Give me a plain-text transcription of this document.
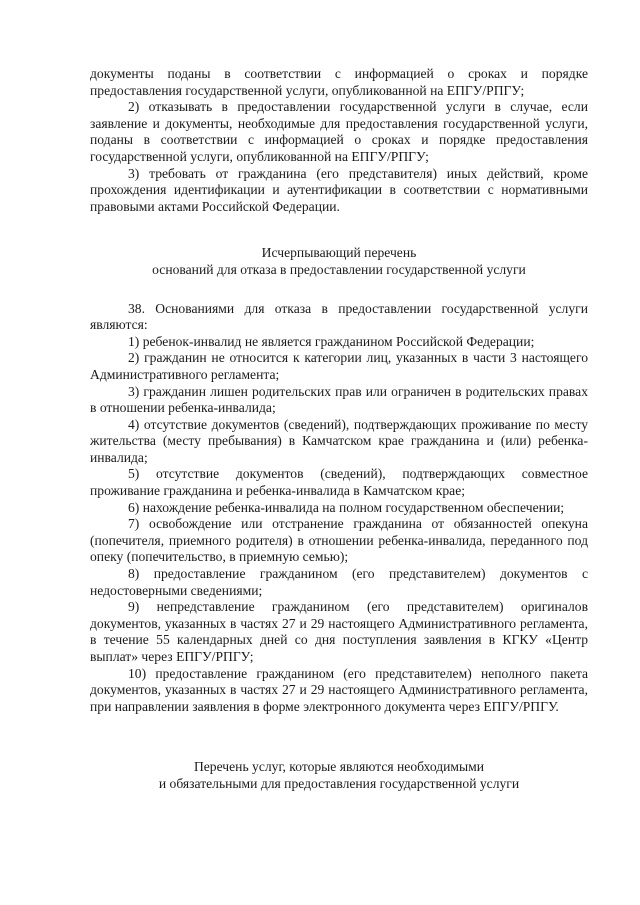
документы поданы в соответствии с информацией о сроках и порядке предоставления государственной услуги, опубликованной на ЕПГУ/РПГУ;

2) отказывать в предоставлении государственной услуги в случае, если заявление и документы, необходимые для предоставления государственной услуги, поданы в соответствии с информацией о сроках и порядке предоставления государственной услуги, опубликованной на ЕПГУ/РПГУ;

3) требовать от гражданина (его представителя) иных действий, кроме прохождения идентификации и аутентификации в соответствии с нормативными правовыми актами Российской Федерации.

Исчерпывающий перечень

оснований для отказа в предоставлении государственной услуги

38. Основаниями для отказа в предоставлении государственной услуги являются:

1) ребенок-инвалид не является гражданином Российской Федерации;

2) гражданин не относится к категории лиц, указанных в части 3 настоящего Административного регламента;

3) гражданин лишен родительских прав или ограничен в родительских правах в отношении ребенка-инвалида;

4) отсутствие документов (сведений), подтверждающих проживание по месту жительства (месту пребывания) в Камчатском крае гражданина и (или) ребенка-инвалида;

5) отсутствие документов (сведений), подтверждающих совместное проживание гражданина и ребенка-инвалида в Камчатском крае;

6) нахождение ребенка-инвалида на полном государственном обеспечении;

7) освобождение или отстранение гражданина от обязанностей опекуна (попечителя, приемного родителя) в отношении ребенка-инвалида, переданного под опеку (попечительство, в приемную семью);

8) предоставление гражданином (его представителем) документов с недостоверными сведениями;

9) непредставление гражданином (его представителем) оригиналов документов, указанных в частях 27 и 29 настоящего Административного регламента, в течение 55 календарных дней со дня поступления заявления в КГКУ «Центр выплат» через ЕПГУ/РПГУ;

10) предоставление гражданином (его представителем) неполного пакета документов, указанных в частях 27 и 29 настоящего Административного регламента, при направлении заявления в форме электронного документа через ЕПГУ/РПГУ.

Перечень услуг, которые являются необходимыми

и обязательными для предоставления государственной услуги
